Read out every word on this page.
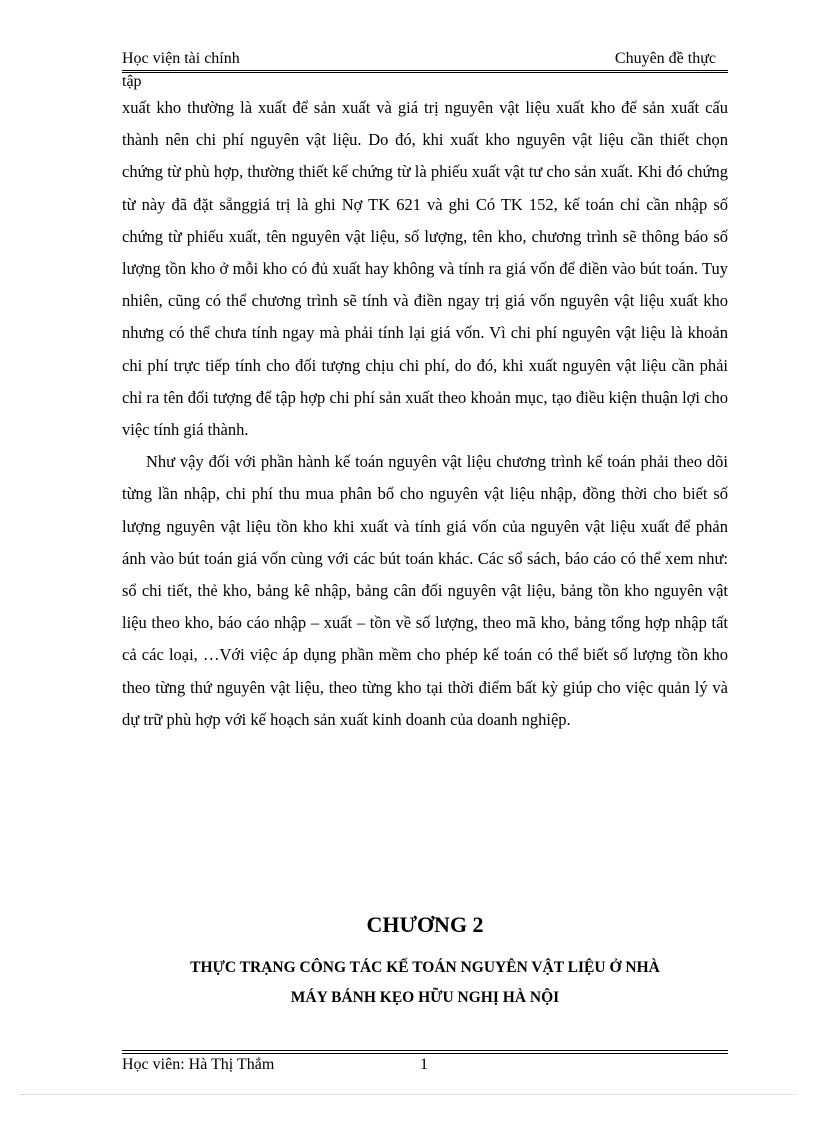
Học viện tài chính	Chuyên đề thực
tập

xuất kho thường là xuất để sản xuất và giá trị nguyên vật liệu xuất kho để sản xuất cấu thành nên chi phí nguyên vật liệu. Do đó, khi xuất kho nguyên vật liệu cần thiết chọn chứng từ phù hợp, thường thiết kế chứng từ là phiếu xuất vật tư cho sản xuất. Khi đó chứng từ này đã đặt sẵnggiá trị là ghi Nợ TK 621 và ghi Có TK 152, kế toán chỉ cần nhập số chứng từ phiếu xuất, tên nguyên vật liệu, số lượng, tên kho, chương trình sẽ thông báo số lượng tồn kho ở mỗi kho có đủ xuất hay không và tính ra giá vốn để điền vào bút toán. Tuy nhiên, cũng có thể chương trình sẽ tính và điền ngay trị giá vốn nguyên vật liệu xuất kho nhưng có thể chưa tính ngay mà phải tính lại giá vốn. Vì chi phí nguyên vật liệu là khoản chi phí trực tiếp tính cho đối tượng chịu chi phí, do đó, khi xuất nguyên vật liệu cần phải chỉ ra tên đối tượng để tập hợp chi phí sản xuất theo khoản mục, tạo điều kiện thuận lợi cho việc tính giá thành.

Như vậy đối với phần hành kế toán nguyên vật liệu chương trình kế toán phải theo dõi từng lần nhập, chi phí thu mua phân bổ cho nguyên vật liệu nhập, đồng thời cho biết số lượng nguyên vật liệu tồn kho khi xuất và tính giá vốn của nguyên vật liệu xuất để phản ánh vào bút toán giá vốn cùng với các bút toán khác. Các sổ sách, báo cáo có thể xem như: sổ chi tiết, thẻ kho, bảng kê nhập, bảng cân đối nguyên vật liệu, bảng tồn kho nguyên vật liệu theo kho, báo cáo nhập – xuất – tồn về số lượng, theo mã kho, bảng tổng hợp nhập tất cả các loại, …Với việc áp dụng phần mềm cho phép kế toán có thể biết số lượng tồn kho theo từng thứ nguyên vật liệu, theo từng kho tại thời điểm bất kỳ giúp cho việc quản lý và dự trữ phù hợp với kế hoạch sản xuất kinh doanh của doanh nghiệp.

CHƯƠNG 2
THỰC TRẠNG CÔNG TÁC KẾ TOÁN NGUYÊN VẬT LIỆU Ở NHÀ
MÁY BÁNH KẸO HỮU NGHỊ HÀ NỘI
Học viên: Hà Thị Thắm	1
